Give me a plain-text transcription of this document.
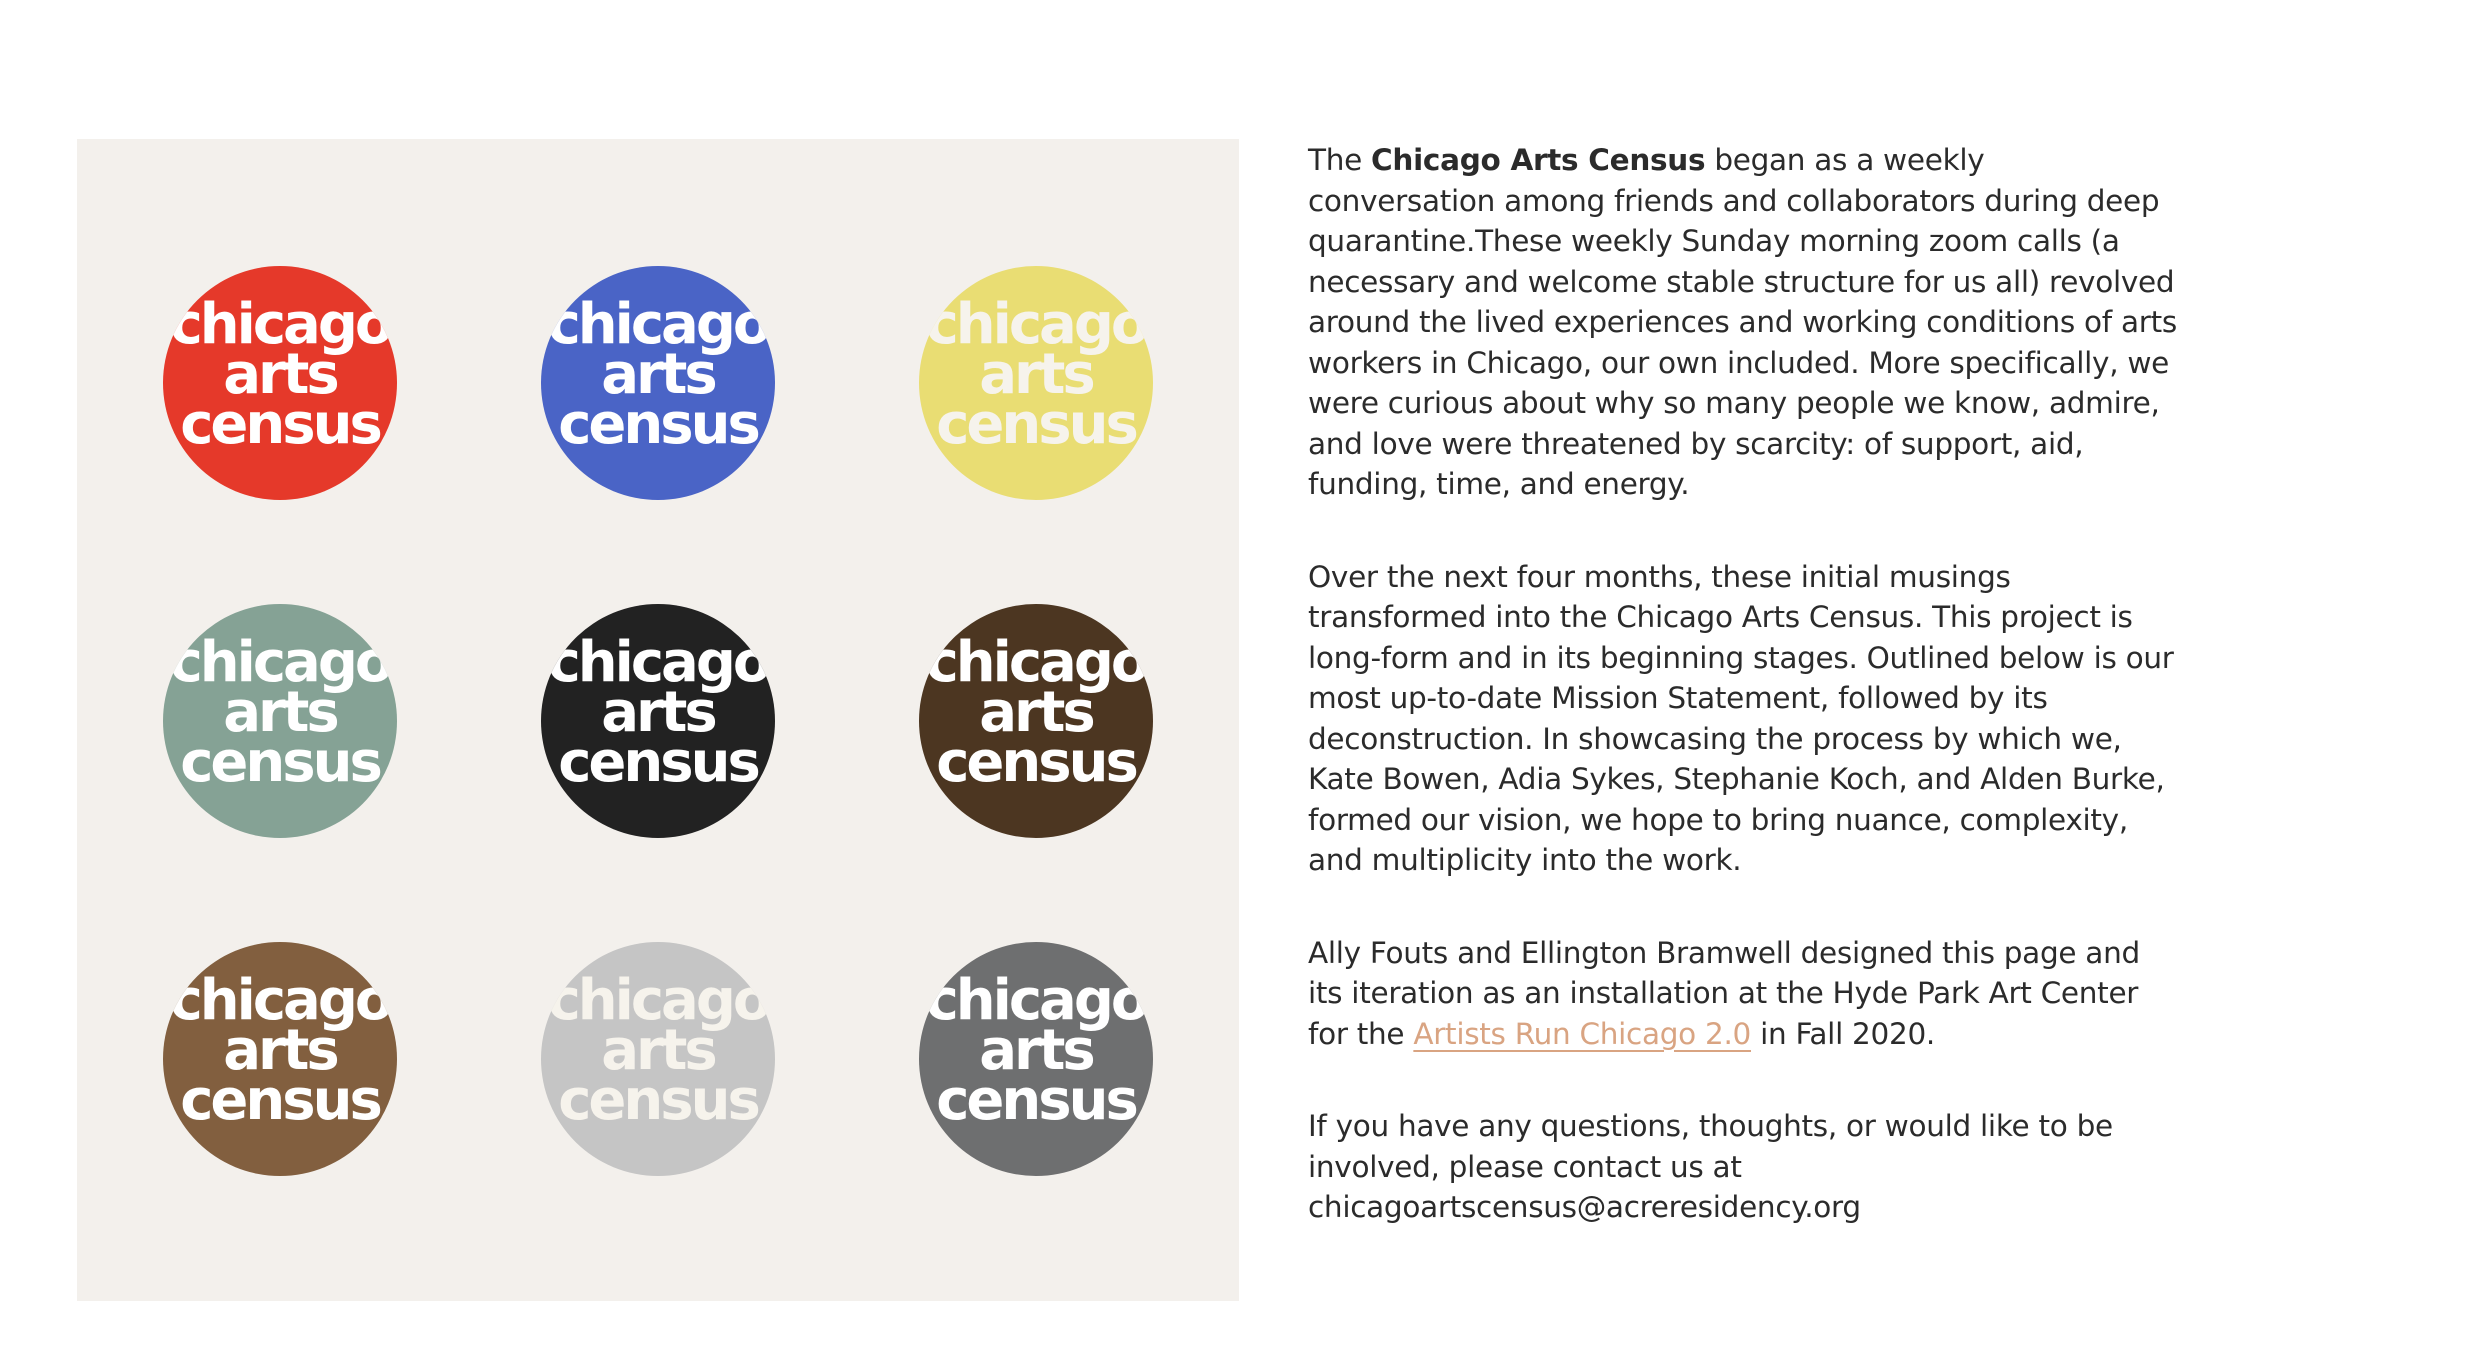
chicago
arts
census
chicago
arts
census
chicago
arts
census
chicago
arts
census
chicago
arts
census
chicago
arts
census
chicago
arts
census
chicago
arts
census
chicago
arts
census

The Chicago Arts Census began as a weekly conversation among friends and collaborators during deep quarantine.These weekly Sunday morning zoom calls (a necessary and welcome stable structure for us all) revolved around the lived experiences and working conditions of arts workers in Chicago, our own included. More specifically, we were curious about why so many people we know, admire, and love were threatened by scarcity: of support, aid, funding, time, and energy.

Over the next four months, these initial musings transformed into the Chicago Arts Census. This project is long-form and in its beginning stages. Outlined below is our most up-to-date Mission Statement, followed by its deconstruction. In showcasing the process by which we, Kate Bowen, Adia Sykes, Stephanie Koch, and Alden Burke, formed our vision, we hope to bring nuance, complexity, and multiplicity into the work.

Ally Fouts and Ellington Bramwell designed this page and its iteration as an installation at the Hyde Park Art Center for the Artists Run Chicago 2.0 in Fall 2020.

If you have any questions, thoughts, or would like to be involved, please contact us at
chicagoartscensus@acreresidency.org
